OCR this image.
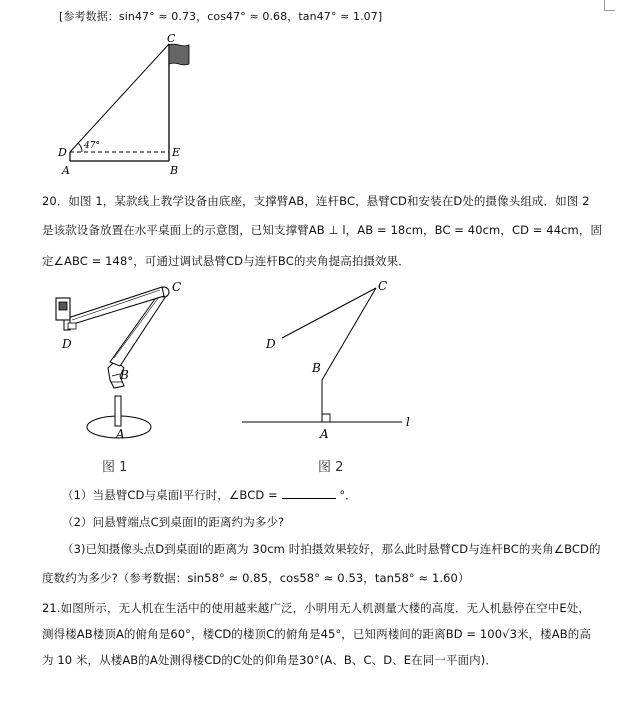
[参考数据：sin47° ≈ 0.73，cos47° ≈ 0.68，tan47° ≈ 1.07]
47°
C
D	E
A	B
20．如图 1，某款线上教学设备由底座，支撑臂AB，连杆BC，悬臂CD和安装在D处的摄像头组成．如图 2
是该款设备放置在水平桌面上的示意图，已知支撑臂AB ⊥ l，AB = 18cm，BC = 40cm，CD = 44cm，固
定∠ABC = 148°，可通过调试悬臂CD与连杆BC的夹角提高拍摄效果．
C
D
B
A
图 1
C
D
B
A
l
图 2
（1）当悬臂CD与桌面l平行时，∠BCD =	°．
（2）问悬臂端点C到桌面l的距离约为多少?
（3)已知摄像头点D到桌面l的距离为 30cm 时拍摄效果较好，那么此时悬臂CD与连杆BC的夹角∠BCD的
度数约为多少?（参考数据：sin58° ≈ 0.85，cos58° ≈ 0.53，tan58° ≈ 1.60）
21.如图所示，无人机在生活中的使用越来越广泛，小明用无人机测量大楼的高度．无人机悬停在空中E处，
测得楼AB楼顶A的俯角是60°，楼CD的楼顶C的俯角是45°，已知两楼间的距离BD = 100√3米，楼AB的高
为 10 米，从楼AB的A处测得楼CD的C处的仰角是30°(A、B、C、D、E在同一平面内)．
